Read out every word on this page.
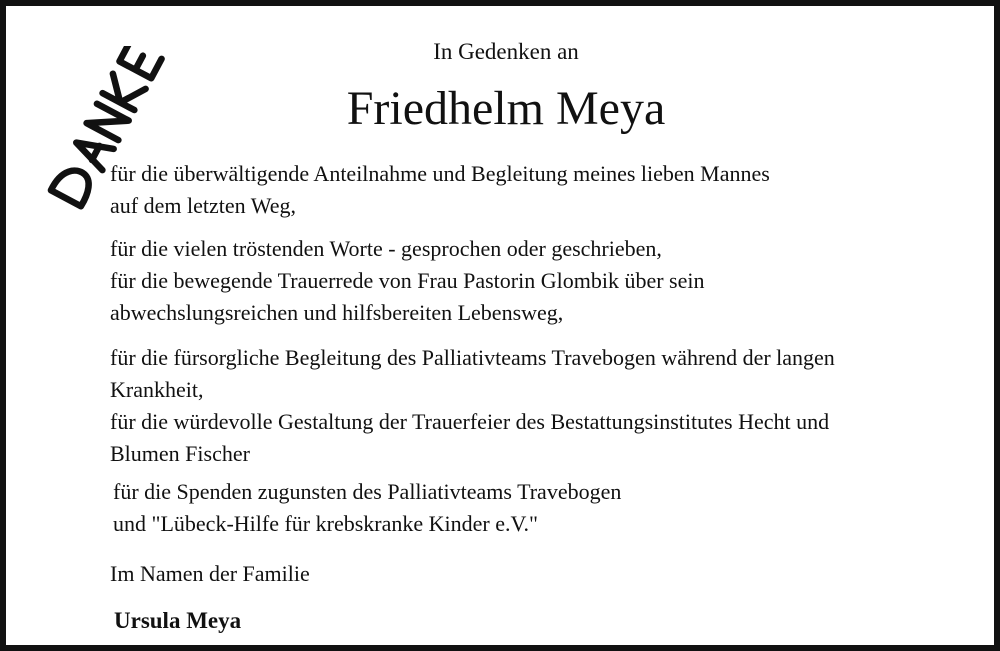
In Gedenken an
Friedhelm Meya
für die überwältigende Anteilnahme und Begleitung meines lieben Mannes
auf dem letzten Weg,
für die vielen tröstenden Worte - gesprochen oder geschrieben,
für die bewegende Trauerrede von Frau Pastorin Glombik über sein
abwechslungsreichen und hilfsbereiten Lebensweg,
für die fürsorgliche Begleitung des Palliativteams Travebogen während der langen
Krankheit,
für die würdevolle Gestaltung der Trauerfeier des Bestattungsinstitutes Hecht und
Blumen Fischer
für die Spenden zugunsten des Palliativteams Travebogen
und "Lübeck-Hilfe für krebskranke Kinder e.V."
Im Namen der Familie
Ursula Meya
